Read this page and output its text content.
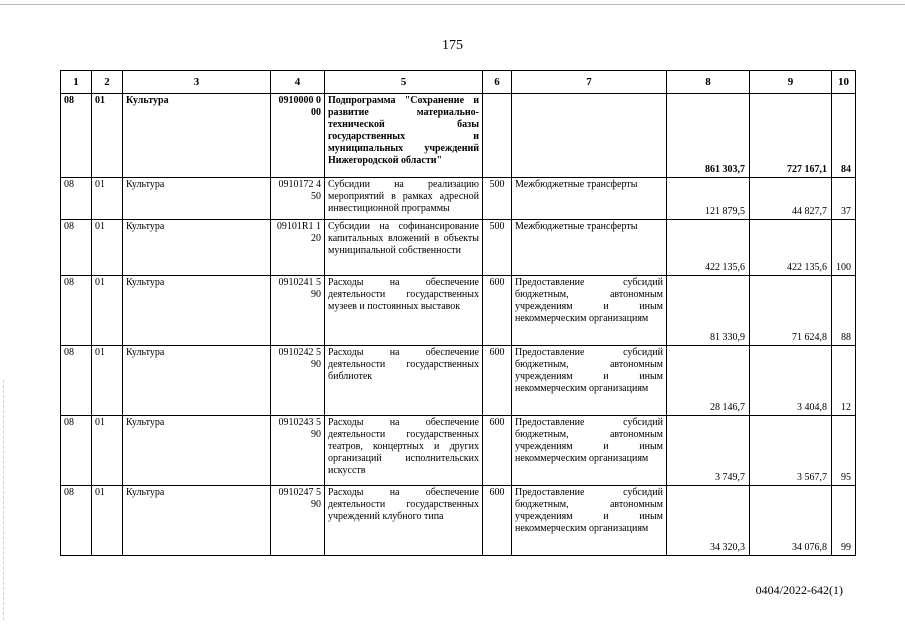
175
1	2	3	4	5	6	7	8	9	10
08	01	Культура	0910000 000	Подпрограмма "Сохранение и развитие материально-технической базы государственных и муниципальных учреждений Нижегородской области"			861 303,7	727 167,1	84
08	01	Культура	0910172 450	Субсидии на реализацию мероприятий в рамках адресной инвестиционной программы	500	Межбюджетные трансферты	121 879,5	44 827,7	37
08	01	Культура	09101R1 120	Субсидии на софинансирование капитальных вложений в объекты муниципальной собственности	500	Межбюджетные трансферты	422 135,6	422 135,6	100
08	01	Культура	0910241 590	Расходы на обеспечение деятельности государственных музеев и постоянных выставок	600	Предоставление субсидий бюджетным, автономным учреждениям и иным некоммерческим организациям	81 330,9	71 624,8	88
08	01	Культура	0910242 590	Расходы на обеспечение деятельности государственных библиотек	600	Предоставление субсидий бюджетным, автономным учреждениям и иным некоммерческим организациям	28 146,7	3 404,8	12
08	01	Культура	0910243 590	Расходы на обеспечение деятельности государственных театров, концертных и других организаций исполнительских искусств	600	Предоставление субсидий бюджетным, автономным учреждениям и иным некоммерческим организациям	3 749,7	3 567,7	95
08	01	Культура	0910247 590	Расходы на обеспечение деятельности государственных учреждений клубного типа	600	Предоставление субсидий бюджетным, автономным учреждениям и иным некоммерческим организациям	34 320,3	34 076,8	99
0404/2022-642(1)
